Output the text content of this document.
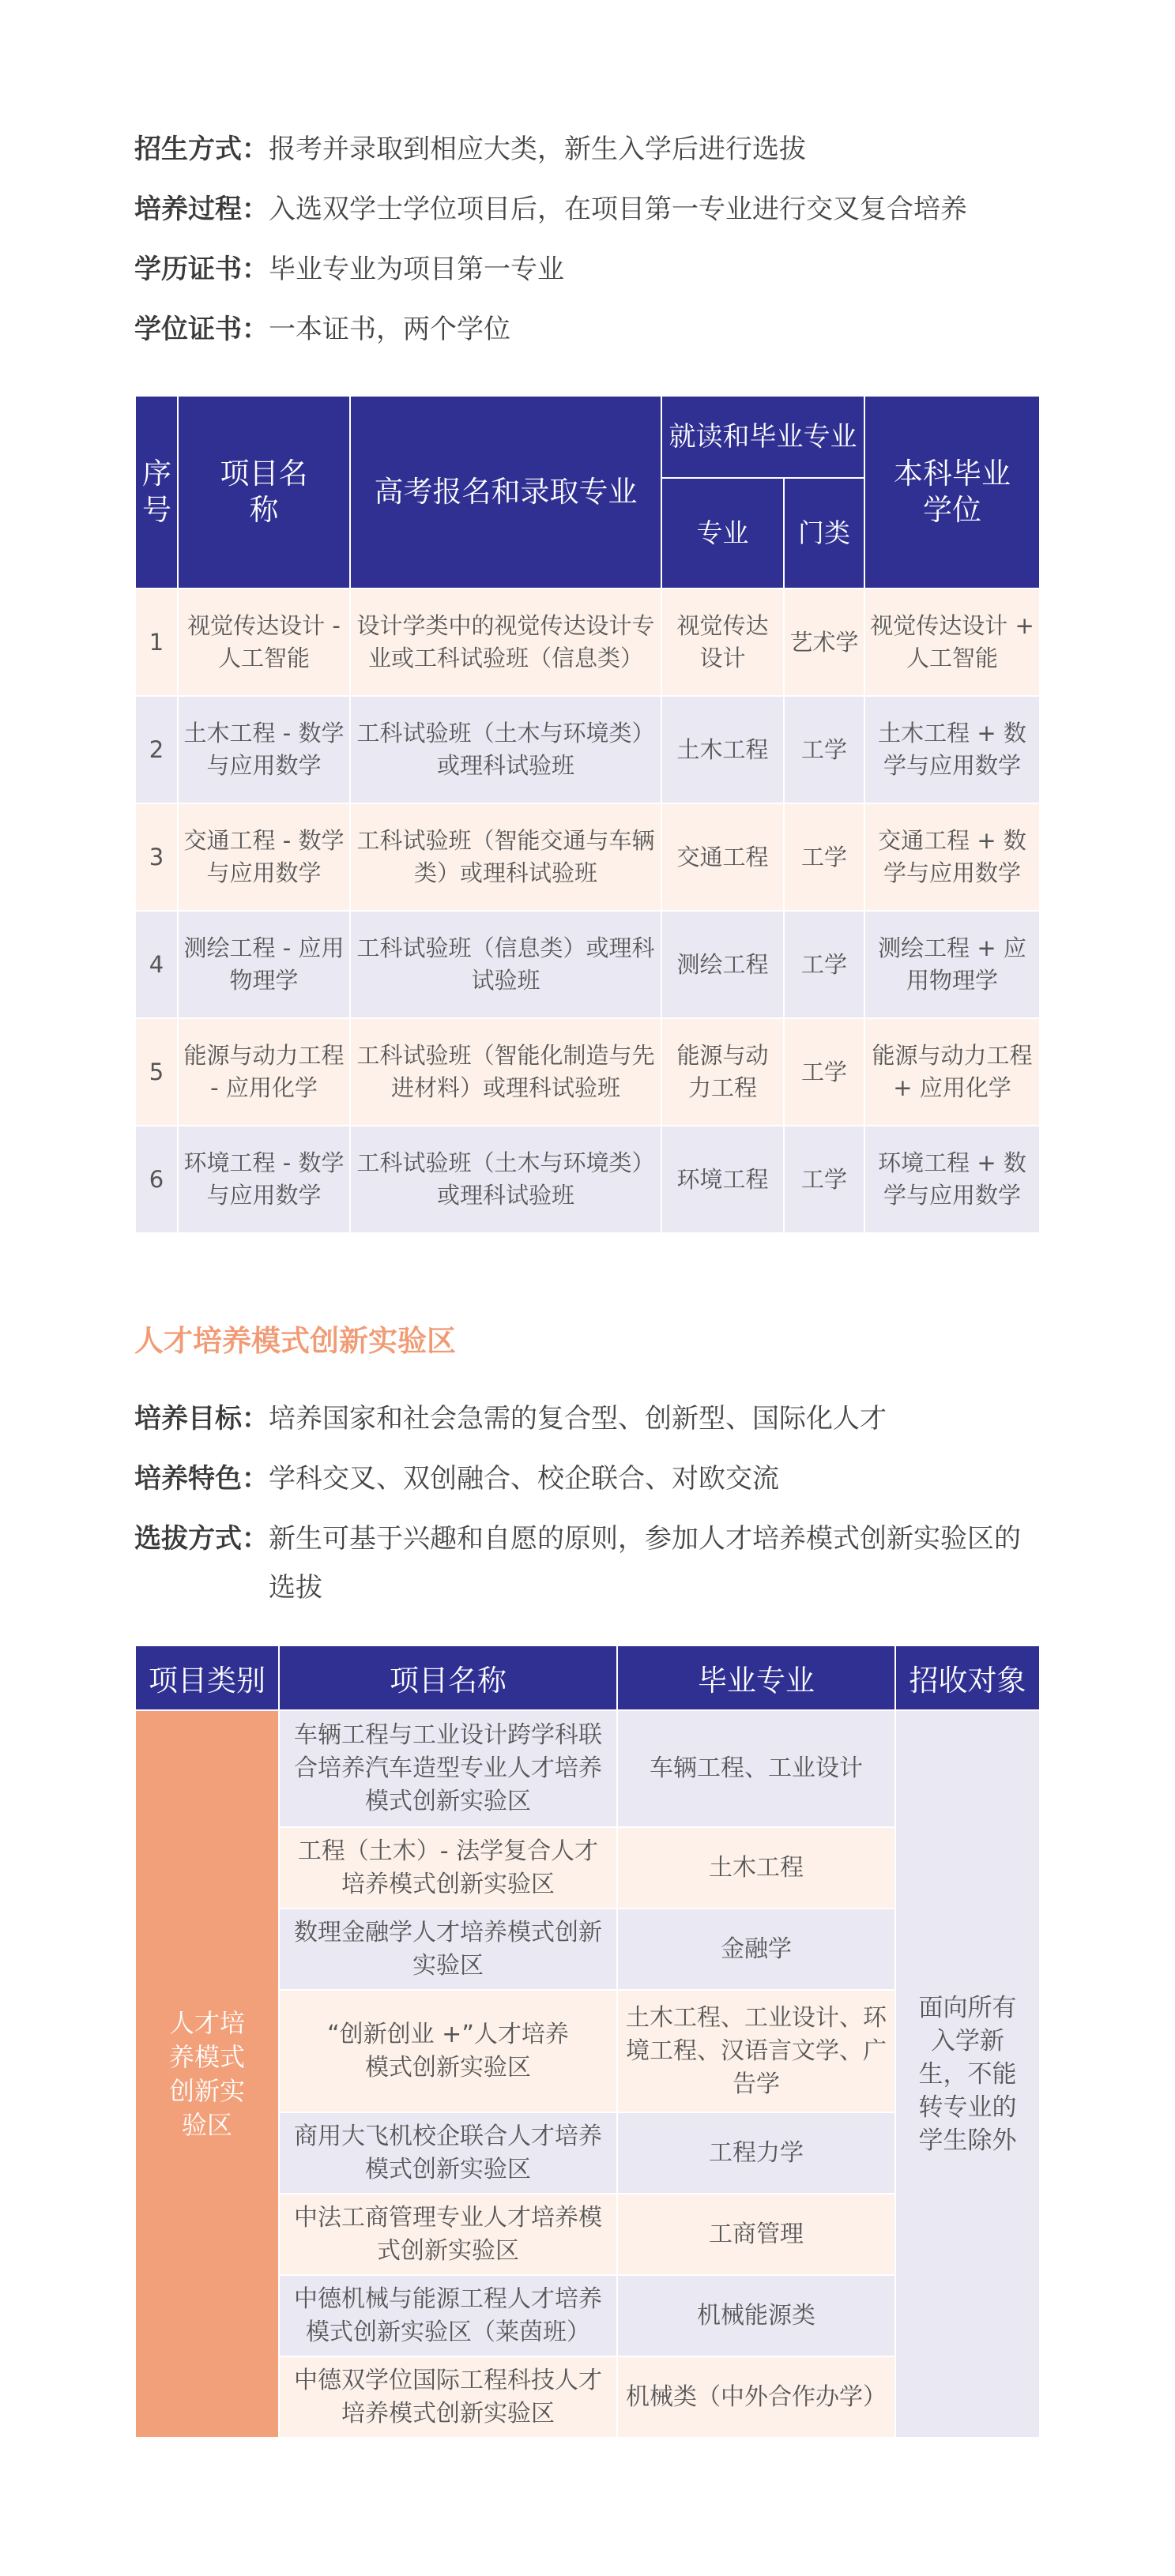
招生方式： 报考并录取到相应大类，新生入学后进行选拔
培养过程： 入选双学士学位项目后，在项目第一专业进行交叉复合培养
学历证书： 毕业专业为项目第一专业
学位证书： 一本证书，两个学位
序号	项目名称	高考报名和录取专业	就读和毕业专业		本科毕业学位
			专业	门类	
1	视觉传达设计 - 人工智能	设计学类中的视觉传达设计专业或工科试验班（信息类）	视觉传达设计	艺术学	视觉传达设计 + 人工智能
2	土木工程 - 数学与应用数学	工科试验班（土木与环境类）或理科试验班	土木工程	工学	土木工程 + 数学与应用数学
3	交通工程 - 数学与应用数学	工科试验班（智能交通与车辆类）或理科试验班	交通工程	工学	交通工程 + 数学与应用数学
4	测绘工程 - 应用物理学	工科试验班（信息类）或理科试验班	测绘工程	工学	测绘工程 + 应用物理学
5	能源与动力工程 - 应用化学	工科试验班（智能化制造与先进材料）或理科试验班	能源与动力工程	工学	能源与动力工程 + 应用化学
6	环境工程 - 数学与应用数学	工科试验班（土木与环境类）或理科试验班	环境工程	工学	环境工程 + 数学与应用数学
人才培养模式创新实验区
培养目标： 培养国家和社会急需的复合型、创新型、国际化人才
培养特色： 学科交叉、双创融合、校企联合、对欧交流
选拔方式： 新生可基于兴趣和自愿的原则，参加人才培养模式创新实验区的选拔
项目类别	项目名称	毕业专业	招收对象
人才培养模式创新实验区	车辆工程与工业设计跨学科联合培养汽车造型专业人才培养模式创新实验区	车辆工程、工业设计	面向所有入学新生，不能转专业的学生除外
	工程（土木）- 法学复合人才培养模式创新实验区	土木工程	
	数理金融学人才培养模式创新实验区	金融学	
	“创新创业 +”人才培养模式创新实验区	土木工程、工业设计、环境工程、汉语言文学、广告学	
	商用大飞机校企联合人才培养模式创新实验区	工程力学	
	中法工商管理专业人才培养模式创新实验区	工商管理	
	中德机械与能源工程人才培养模式创新实验区（莱茵班）	机械能源类	
	中德双学位国际工程科技人才培养模式创新实验区	机械类（中外合作办学）	
